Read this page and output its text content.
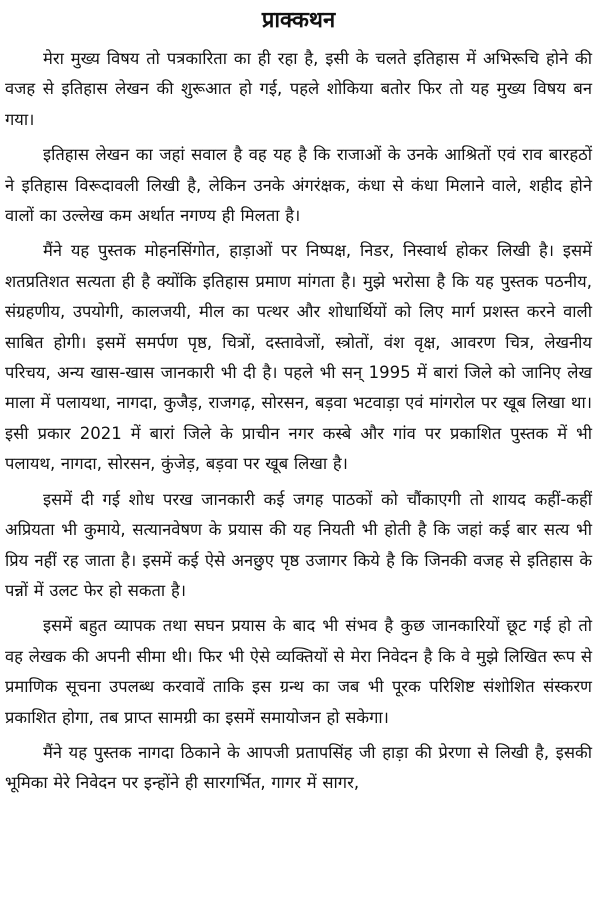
प्राक्कथन

मेरा मुख्य विषय तो पत्रकारिता का ही रहा है, इसी के चलते इतिहास में अभिरूचि होने की वजह से इतिहास लेखन की शुरूआत हो गई, पहले शोकिया बतोर फिर तो यह मुख्य विषय बन गया।

इतिहास लेखन का जहां सवाल है वह यह है कि राजाओं के उनके आश्रितों एवं राव बारहठों ने इतिहास विरूदावली लिखी है, लेकिन उनके अंगरंक्षक, कंधा से कंधा मिलाने वाले, शहीद होने वालों का उल्लेख कम अर्थात नगण्य ही मिलता है।

मैंने यह पुस्तक मोहनसिंगोत, हाड़ाओं पर निष्पक्ष, निडर, निस्वार्थ होकर लिखी है। इसमें शतप्रतिशत सत्यता ही है क्योंकि इतिहास प्रमाण मांगता है। मुझे भरोसा है कि यह पुस्तक पठनीय, संग्रहणीय, उपयोगी, कालजयी, मील का पत्थर और शोधार्थियों को लिए मार्ग प्रशस्त करने वाली साबित होगी। इसमें समर्पण पृष्ठ, चित्रों, दस्तावेजों, स्त्रोतों, वंश वृक्ष, आवरण चित्र, लेखनीय परिचय, अन्य खास-खास जानकारी भी दी है। पहले भी सन् 1995 में बारां जिले को जानिए लेख माला में पलायथा, नागदा, कुजैड़, राजगढ़, सोरसन, बड़वा भटवाड़ा एवं मांगरोल पर खूब लिखा था। इसी प्रकार 2021 में बारां जिले के प्राचीन नगर कस्बे और गांव पर प्रकाशित पुस्तक में भी पलायथ, नागदा, सोरसन, कुंजेड़, बड़वा पर खूब लिखा है।

इसमें दी गई शोध परख जानकारी कई जगह पाठकों को चौंकाएगी तो शायद कहीं-कहीं अप्रियता भी कुमाये, सत्यानवेषण के प्रयास की यह नियती भी होती है कि जहां कई बार सत्य भी प्रिय नहीं रह जाता है। इसमें कई ऐसे अनछुए पृष्ठ उजागर किये है कि जिनकी वजह से इतिहास के पन्नों में उलट फेर हो सकता है।

इसमें बहुत व्यापक तथा सघन प्रयास के बाद भी संभव है कुछ जानकारियों छूट गई हो तो वह लेखक की अपनी सीमा थी। फिर भी ऐसे व्यक्तियों से मेरा निवेदन है कि वे मुझे लिखित रूप से प्रमाणिक सूचना उपलब्ध करवावें ताकि इस ग्रन्थ का जब भी पूरक परिशिष्ट संशोशित संस्करण प्रकाशित होगा, तब प्राप्त सामग्री का इसमें समायोजन हो सकेगा।

मैंने यह पुस्तक नागदा ठिकाने के आपजी प्रतापसिंह जी हाड़ा की प्रेरणा से लिखी है, इसकी भूमिका मेरे निवेदन पर इन्होंने ही सारगर्भित, गागर में सागर,
